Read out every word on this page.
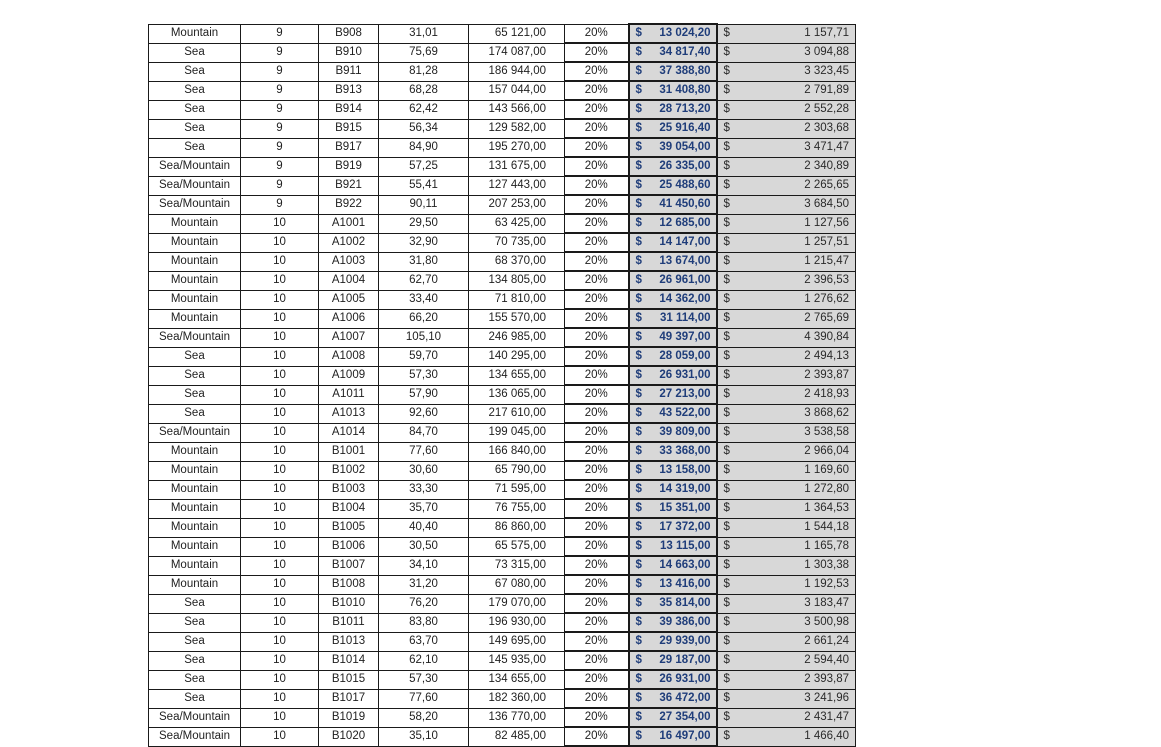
Mountain	9	B908	31,01	65 121,00	20%	$ 13 024,20	$ 1 157,71

Sea	9	B910	75,69	174 087,00	20%	$ 34 817,40	$ 3 094,88

Sea	9	B911	81,28	186 944,00	20%	$ 37 388,80	$ 3 323,45

Sea	9	B913	68,28	157 044,00	20%	$ 31 408,80	$ 2 791,89

Sea	9	B914	62,42	143 566,00	20%	$ 28 713,20	$ 2 552,28

Sea	9	B915	56,34	129 582,00	20%	$ 25 916,40	$ 2 303,68

Sea	9	B917	84,90	195 270,00	20%	$ 39 054,00	$ 3 471,47

Sea/Mountain	9	B919	57,25	131 675,00	20%	$ 26 335,00	$ 2 340,89

Sea/Mountain	9	B921	55,41	127 443,00	20%	$ 25 488,60	$ 2 265,65

Sea/Mountain	9	B922	90,11	207 253,00	20%	$ 41 450,60	$ 3 684,50

Mountain	10	A1001	29,50	63 425,00	20%	$ 12 685,00	$ 1 127,56

Mountain	10	A1002	32,90	70 735,00	20%	$ 14 147,00	$ 1 257,51

Mountain	10	A1003	31,80	68 370,00	20%	$ 13 674,00	$ 1 215,47

Mountain	10	A1004	62,70	134 805,00	20%	$ 26 961,00	$ 2 396,53

Mountain	10	A1005	33,40	71 810,00	20%	$ 14 362,00	$ 1 276,62

Mountain	10	A1006	66,20	155 570,00	20%	$ 31 114,00	$ 2 765,69

Sea/Mountain	10	A1007	105,10	246 985,00	20%	$ 49 397,00	$ 4 390,84

Sea	10	A1008	59,70	140 295,00	20%	$ 28 059,00	$ 2 494,13

Sea	10	A1009	57,30	134 655,00	20%	$ 26 931,00	$ 2 393,87

Sea	10	A1011	57,90	136 065,00	20%	$ 27 213,00	$ 2 418,93

Sea	10	A1013	92,60	217 610,00	20%	$ 43 522,00	$ 3 868,62

Sea/Mountain	10	A1014	84,70	199 045,00	20%	$ 39 809,00	$ 3 538,58

Mountain	10	B1001	77,60	166 840,00	20%	$ 33 368,00	$ 2 966,04

Mountain	10	B1002	30,60	65 790,00	20%	$ 13 158,00	$ 1 169,60

Mountain	10	B1003	33,30	71 595,00	20%	$ 14 319,00	$ 1 272,80

Mountain	10	B1004	35,70	76 755,00	20%	$ 15 351,00	$ 1 364,53

Mountain	10	B1005	40,40	86 860,00	20%	$ 17 372,00	$ 1 544,18

Mountain	10	B1006	30,50	65 575,00	20%	$ 13 115,00	$ 1 165,78

Mountain	10	B1007	34,10	73 315,00	20%	$ 14 663,00	$ 1 303,38

Mountain	10	B1008	31,20	67 080,00	20%	$ 13 416,00	$ 1 192,53

Sea	10	B1010	76,20	179 070,00	20%	$ 35 814,00	$ 3 183,47

Sea	10	B1011	83,80	196 930,00	20%	$ 39 386,00	$ 3 500,98

Sea	10	B1013	63,70	149 695,00	20%	$ 29 939,00	$ 2 661,24

Sea	10	B1014	62,10	145 935,00	20%	$ 29 187,00	$ 2 594,40

Sea	10	B1015	57,30	134 655,00	20%	$ 26 931,00	$ 2 393,87

Sea	10	B1017	77,60	182 360,00	20%	$ 36 472,00	$ 3 241,96

Sea/Mountain	10	B1019	58,20	136 770,00	20%	$ 27 354,00	$ 2 431,47

Sea/Mountain	10	B1020	35,10	82 485,00	20%	$ 16 497,00	$ 1 466,40
